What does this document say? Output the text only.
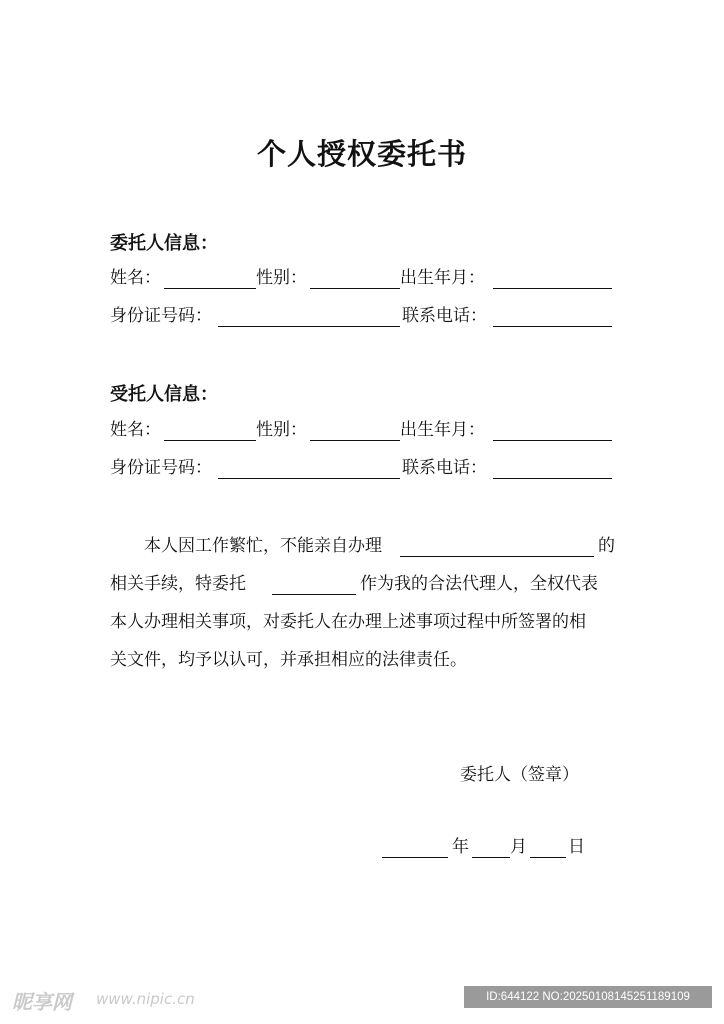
个人授权委托书
委托人信息：
姓名：	性别：	出生年月：
身份证号码：	联系电话：
受托人信息：
姓名：	性别：	出生年月：
身份证号码：	联系电话：
本人因工作繁忙，不能亲自办理	的
相关手续，特委托	作为我的合法代理人，全权代表
本人办理相关事项，对委托人在办理上述事项过程中所签署的相
关文件，均予以认可，并承担相应的法律责任。
委托人（签章）
年 月 日
昵享网 www.nipic.cn	ID:644122 NO:20250108145251189109
